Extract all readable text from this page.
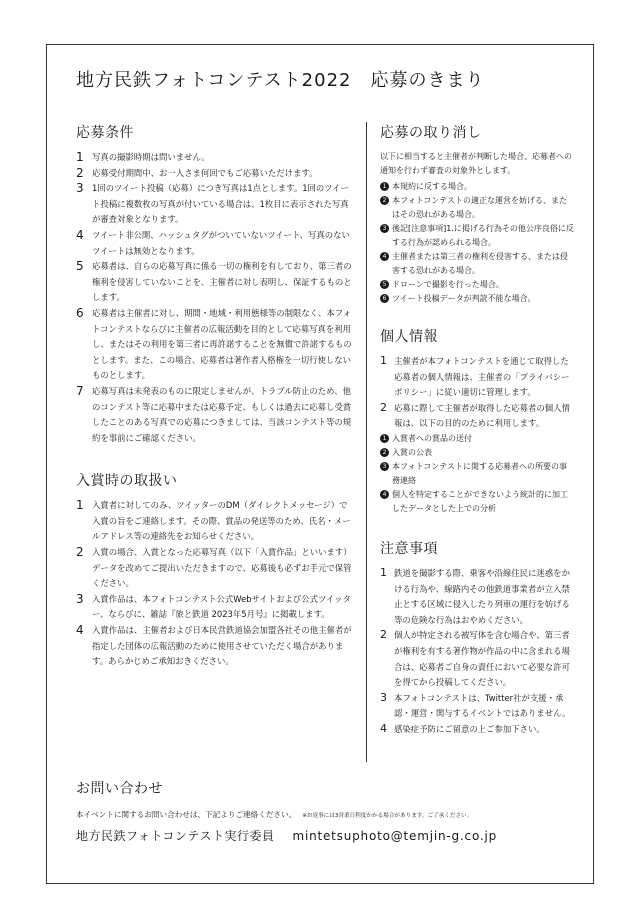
地方民鉄フォトコンテスト2022　応募のきまり
応募条件
1 写真の撮影時期は問いません。
2 応募受付期間中、お一人さま何回でもご応募いただけます。
3 1回のツイート投稿（応募）につき写真は1点とします。1回のツイート投稿に複数枚の写真が付いている場合は、1枚目に表示された写真が審査対象となります。
4 ツイート非公開、ハッシュタグがついていないツイート、写真のないツイートは無効となります。
5 応募者は、自らの応募写真に係る一切の権利を有しており、第三者の権利を侵害していないことを、主催者に対し表明し、保証するものとします。
6 応募者は主催者に対し、期間・地域・利用態様等の制限なく、本フォトコンテストならびに主催者の広報活動を目的として応募写真を利用し、またはその利用を第三者に再許諾することを無償で許諾するものとします。また、この場合、応募者は著作者人格権を一切行使しないものとします。
7 応募写真は未発表のものに限定しませんが、トラブル防止のため、他のコンテスト等に応募中または応募予定、もしくは過去に応募し受賞したことのある写真での応募につきましては、当該コンテスト等の規約を事前にご確認ください。
入賞時の取扱い
1 入賞者に対してのみ、ツイッターのDM（ダイレクトメッセージ）で入賞の旨をご連絡します。その際、賞品の発送等のため、氏名・メールアドレス等の連絡先をお知らせください。
2 入賞の場合、入賞となった応募写真（以下「入賞作品」といいます）データを改めてご提出いただきますので、応募後も必ずお手元で保管ください。
3 入賞作品は、本フォトコンテスト公式Webサイトおよび公式ツイッター、ならびに、雑誌『旅と鉄道 2023年5月号』に掲載します。
4 入賞作品は、主催者および日本民営鉄道協会加盟各社その他主催者が指定した団体の広報活動のために使用させていただく場合があります。あらかじめご承知おきください。
応募の取り消し
以下に相当すると主催者が判断した場合、応募者への通知を行わず審査の対象外とします。
1 本規約に反する場合。
2 本フォトコンテストの適正な運営を妨げる、またはその恐れがある場合。
3 後記[注意事項]1.に掲げる行為その他公序良俗に反する行為が認められる場合。
4 主催者または第三者の権利を侵害する、または侵害する恐れがある場合。
5 ドローンで撮影を行った場合。
6 ツイート投稿データが判読不能な場合。
個人情報
1 主催者が本フォトコンテストを通じて取得した応募者の個人情報は、主催者の「プライバシーポリシー」に従い適切に管理します。
2 応募に際して主催者が取得した応募者の個人情報は、以下の目的のために利用します。
1 入賞者への賞品の送付
2 入賞の公表
3 本フォトコンテストに関する応募者への所要の事務連絡
4 個人を特定することができないよう統計的に加工したデータとした上での分析
注意事項
1 鉄道を撮影する際、乗客や沿線住民に迷惑をかける行為や、線路内その他鉄道事業者が立入禁止とする区域に侵入したり列車の運行を妨げる等の危険な行為はおやめください。
2 個人が特定される被写体を含む場合や、第三者が権利を有する著作物が作品の中に含まれる場合は、応募者ご自身の責任において必要な許可を得てから投稿してください。
3 本フォトコンテストは、Twitter社が支援・承認・運営・関与するイベントではありません。
4 感染症予防にご留意の上ご参加下さい。
お問い合わせ
本イベントに関するお問い合わせは、下記よりご連絡ください。 ※お返事には3営業日程度かかる場合があります。ご了承ください。
地方民鉄フォトコンテスト実行委員 mintetsuphoto@temjin-g.co.jp
